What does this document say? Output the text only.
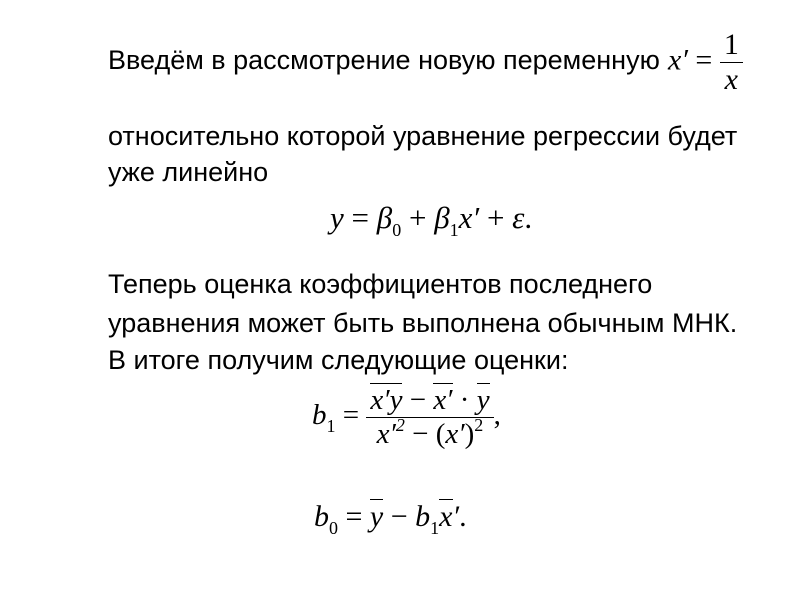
Введём в рассмотрение новую переменную
относительно которой уравнение регрессии будет
уже линейно
Теперь оценка коэффициентов последнего
уравнения может быть выполнена обычным МНК.
В итоге получим следующие оценки:
$x' = \frac{1}{x}$
$y = \beta_0 + \beta_1x' + \varepsilon$.
$b_1 = \frac{x'y - x' \cdot y}{x'^2 - (x')^2}$ ,
$b_0 = y - b_1x'$.
